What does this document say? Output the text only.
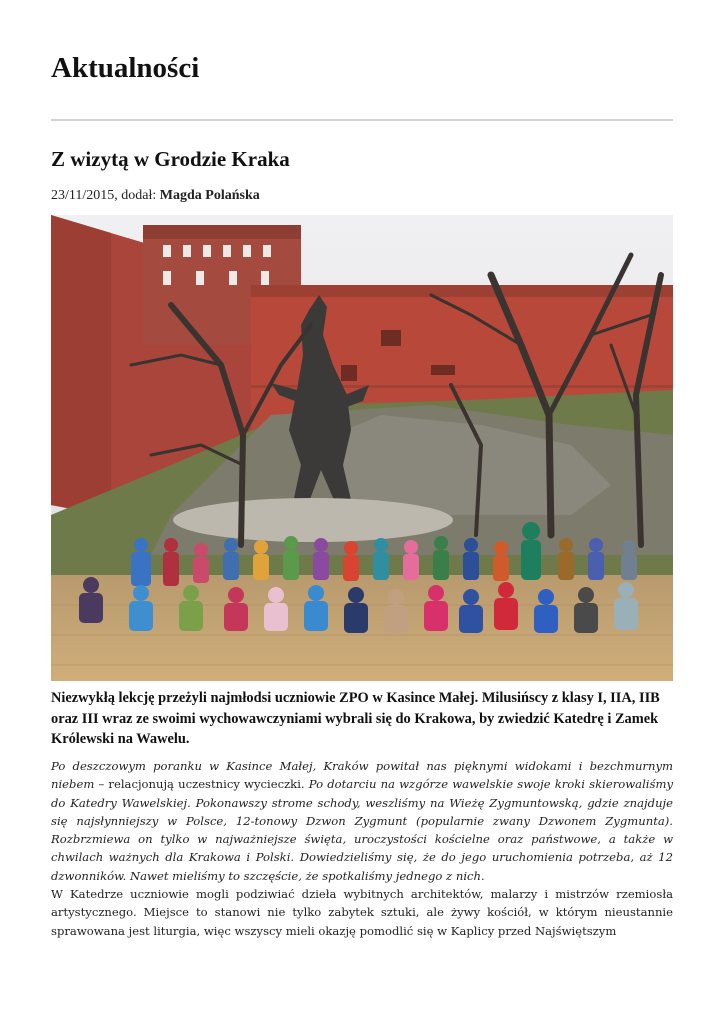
Aktualności
Z wizytą w Grodzie Kraka
23/11/2015, dodał: Magda Polańska

Niezwykłą lekcję przeżyli najmłodsi uczniowie ZPO w Kasince Małej. Milusińscy z klasy I, IIA, IIB oraz III wraz ze swoimi wychowawczyniami wybrali się do Krakowa, by zwiedzić Katedrę i Zamek Królewski na Wawelu.

Po deszczowym poranku w Kasince Małej, Kraków powitał nas pięknymi widokami i bezchmurnym niebem – relacjonują uczestnicy wycieczki. Po dotarciu na wzgórze wawelskie swoje kroki skierowaliśmy do Katedry Wawelskiej. Pokonawszy strome schody, weszliśmy na Wieżę Zygmuntowską, gdzie znajduje się najsłynniejszy w Polsce, 12-tonowy Dzwon Zygmunt (popularnie zwany Dzwonem Zygmunta). Rozbrzmiewa on tylko w najważniejsze święta, uroczystości kościelne oraz państwowe, a także w chwilach ważnych dla Krakowa i Polski. Dowiedzieliśmy się, że do jego uruchomienia potrzeba, aż 12 dzwonników. Nawet mieliśmy to szczęście, że spotkaliśmy jednego z nich.
W Katedrze uczniowie mogli podziwiać dzieła wybitnych architektów, malarzy i mistrzów rzemiosła artystycznego. Miejsce to stanowi nie tylko zabytek sztuki, ale żywy kościół, w którym nieustannie sprawowana jest liturgia, więc wszyscy mieli okazję pomodlić się w Kaplicy przed Najświętszym
